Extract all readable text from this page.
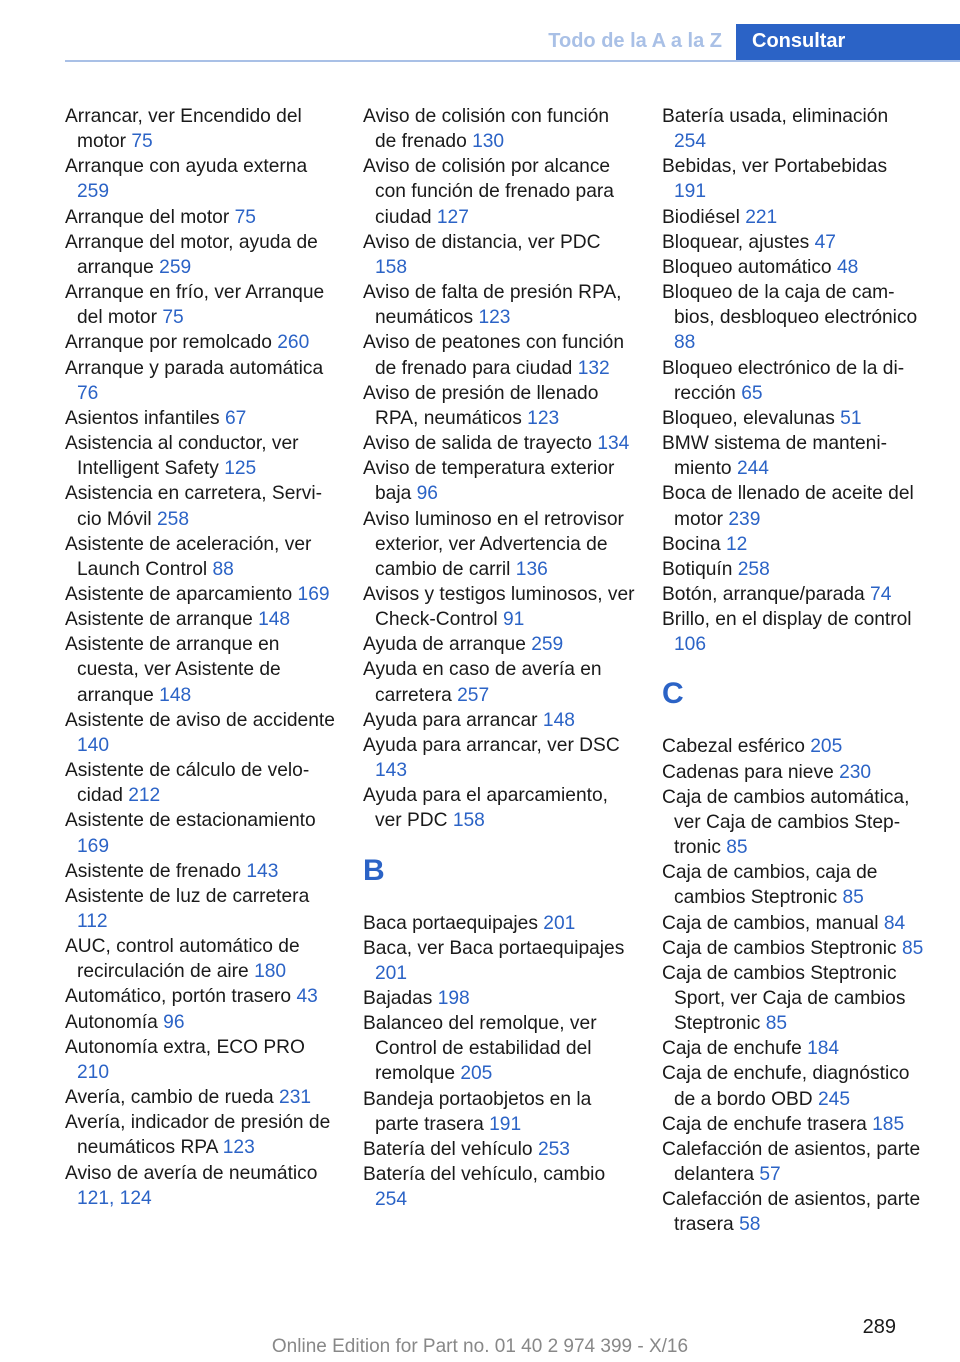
Todo de la A a la Z	Consultar
Arrancar, ver Encendido del motor 75
Arranque con ayuda externa 259
Arranque del motor 75
Arranque del motor, ayuda de arranque 259
Arranque en frío, ver Arranque del motor 75
Arranque por remolcado 260
Arranque y parada automática 76
Asientos infantiles 67
Asistencia al conductor, ver Intelligent Safety 125
Asistencia en carretera, Servicio Móvil 258
Asistente de aceleración, ver Launch Control 88
Asistente de aparcamiento 169
Asistente de arranque 148
Asistente de arranque en cuesta, ver Asistente de arranque 148
Asistente de aviso de accidente 140
Asistente de cálculo de velocidad 212
Asistente de estacionamiento 169
Asistente de frenado 143
Asistente de luz de carretera 112
AUC, control automático de recirculación de aire 180
Automático, portón trasero 43
Autonomía 96
Autonomía extra, ECO PRO 210
Avería, cambio de rueda 231
Avería, indicador de presión de neumáticos RPA 123
Aviso de avería de neumático 121, 124
Aviso de colisión con función de frenado 130
Aviso de colisión por alcance con función de frenado para ciudad 127
Aviso de distancia, ver PDC 158
Aviso de falta de presión RPA, neumáticos 123
Aviso de peatones con función de frenado para ciudad 132
Aviso de presión de llenado RPA, neumáticos 123
Aviso de salida de trayecto 134
Aviso de temperatura exterior baja 96
Aviso luminoso en el retrovisor exterior, ver Advertencia de cambio de carril 136
Avisos y testigos luminosos, ver Check-Control 91
Ayuda de arranque 259
Ayuda en caso de avería en carretera 257
Ayuda para arrancar 148
Ayuda para arrancar, ver DSC 143
Ayuda para el aparcamiento, ver PDC 158
B
Baca portaequipajes 201
Baca, ver Baca portaequipajes 201
Bajadas 198
Balanceo del remolque, ver Control de estabilidad del remolque 205
Bandeja portaobjetos en la parte trasera 191
Batería del vehículo 253
Batería del vehículo, cambio 254
Batería usada, eliminación 254
Bebidas, ver Portabebidas 191
Biodiésel 221
Bloquear, ajustes 47
Bloqueo automático 48
Bloqueo de la caja de cambios, desbloqueo electrónico 88
Bloqueo electrónico de la dirección 65
Bloqueo, elevalunas 51
BMW sistema de mantenimiento 244
Boca de llenado de aceite del motor 239
Bocina 12
Botiquín 258
Botón, arranque/parada 74
Brillo, en el display de control 106
C
Cabezal esférico 205
Cadenas para nieve 230
Caja de cambios automática, ver Caja de cambios Steptronic 85
Caja de cambios, caja de cambios Steptronic 85
Caja de cambios, manual 84
Caja de cambios Steptronic 85
Caja de cambios Steptronic Sport, ver Caja de cambios Steptronic 85
Caja de enchufe 184
Caja de enchufe, diagnóstico de a bordo OBD 245
Caja de enchufe trasera 185
Calefacción de asientos, parte delantera 57
Calefacción de asientos, parte trasera 58
289
Online Edition for Part no. 01 40 2 974 399 - X/16
